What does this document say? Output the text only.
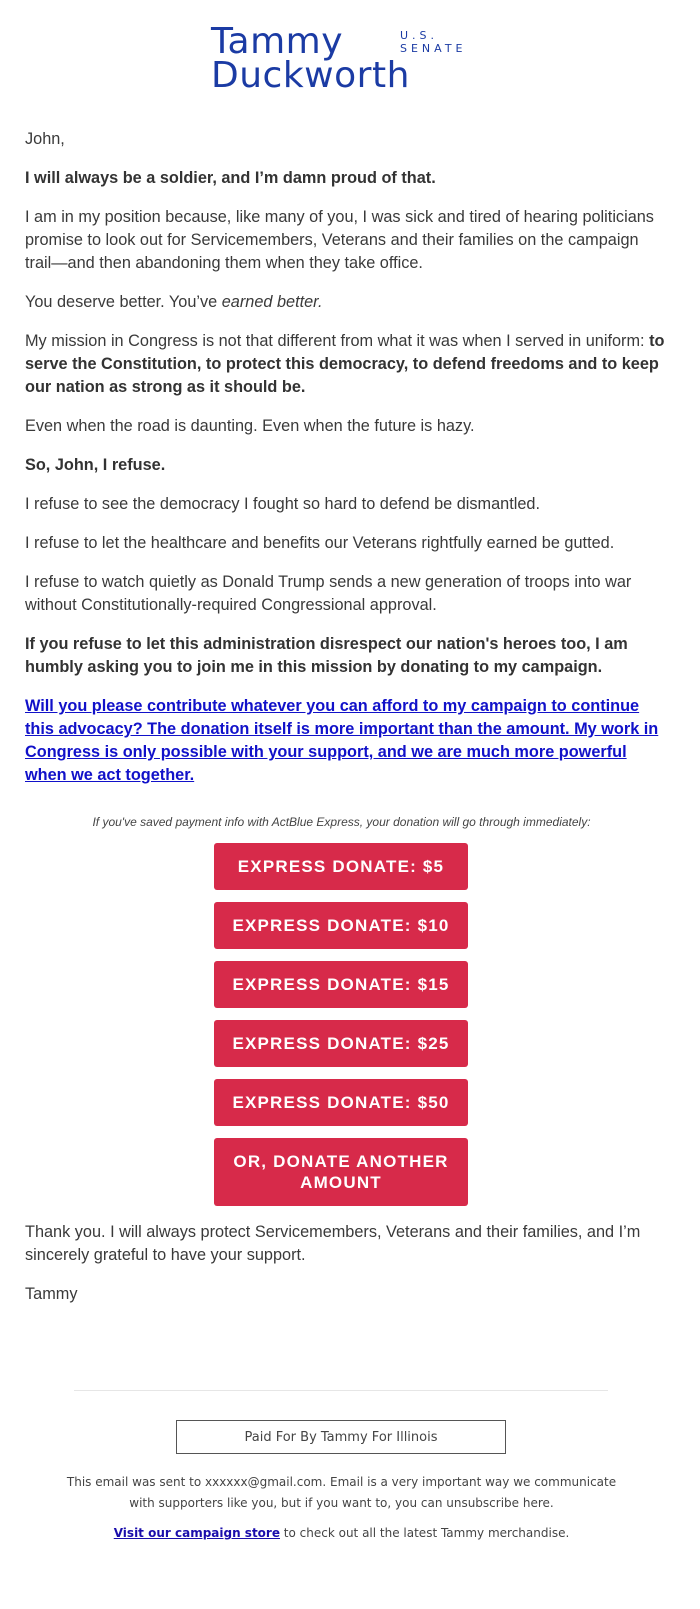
Tammy
Duckworth
U.S.
SENATE

John,

I will always be a soldier, and I’m damn proud of that.

I am in my position because, like many of you, I was sick and tired of hearing politicians promise to look out for Servicemembers, Veterans and their families on the campaign trail—and then abandoning them when they take office.

You deserve better. You’ve earned better.

My mission in Congress is not that different from what it was when I served in uniform: to serve the Constitution, to protect this democracy, to defend freedoms and to keep our nation as strong as it should be.

Even when the road is daunting. Even when the future is hazy.

So, John, I refuse.

I refuse to see the democracy I fought so hard to defend be dismantled.

I refuse to let the healthcare and benefits our Veterans rightfully earned be gutted.

I refuse to watch quietly as Donald Trump sends a new generation of troops into war without Constitutionally-required Congressional approval.

If you refuse to let this administration disrespect our nation's heroes too, I am humbly asking you to join me in this mission by donating to my campaign.

Will you please contribute whatever you can afford to my campaign to continue this advocacy? The donation itself is more important than the amount. My work in Congress is only possible with your support, and we are much more powerful when we act together.

If you've saved payment info with ActBlue Express, your donation will go through immediately:
EXPRESS DONATE: $5
EXPRESS DONATE: $10
EXPRESS DONATE: $15
EXPRESS DONATE: $25
EXPRESS DONATE: $50
OR, DONATE ANOTHER AMOUNT

Thank you. I will always protect Servicemembers, Veterans and their families, and I’m sincerely grateful to have your support.

Tammy

Paid For By Tammy For Illinois
This email was sent to xxxxxx@gmail.com. Email is a very important way we communicate with supporters like you, but if you want to, you can unsubscribe here.
Visit our campaign store to check out all the latest Tammy merchandise.
